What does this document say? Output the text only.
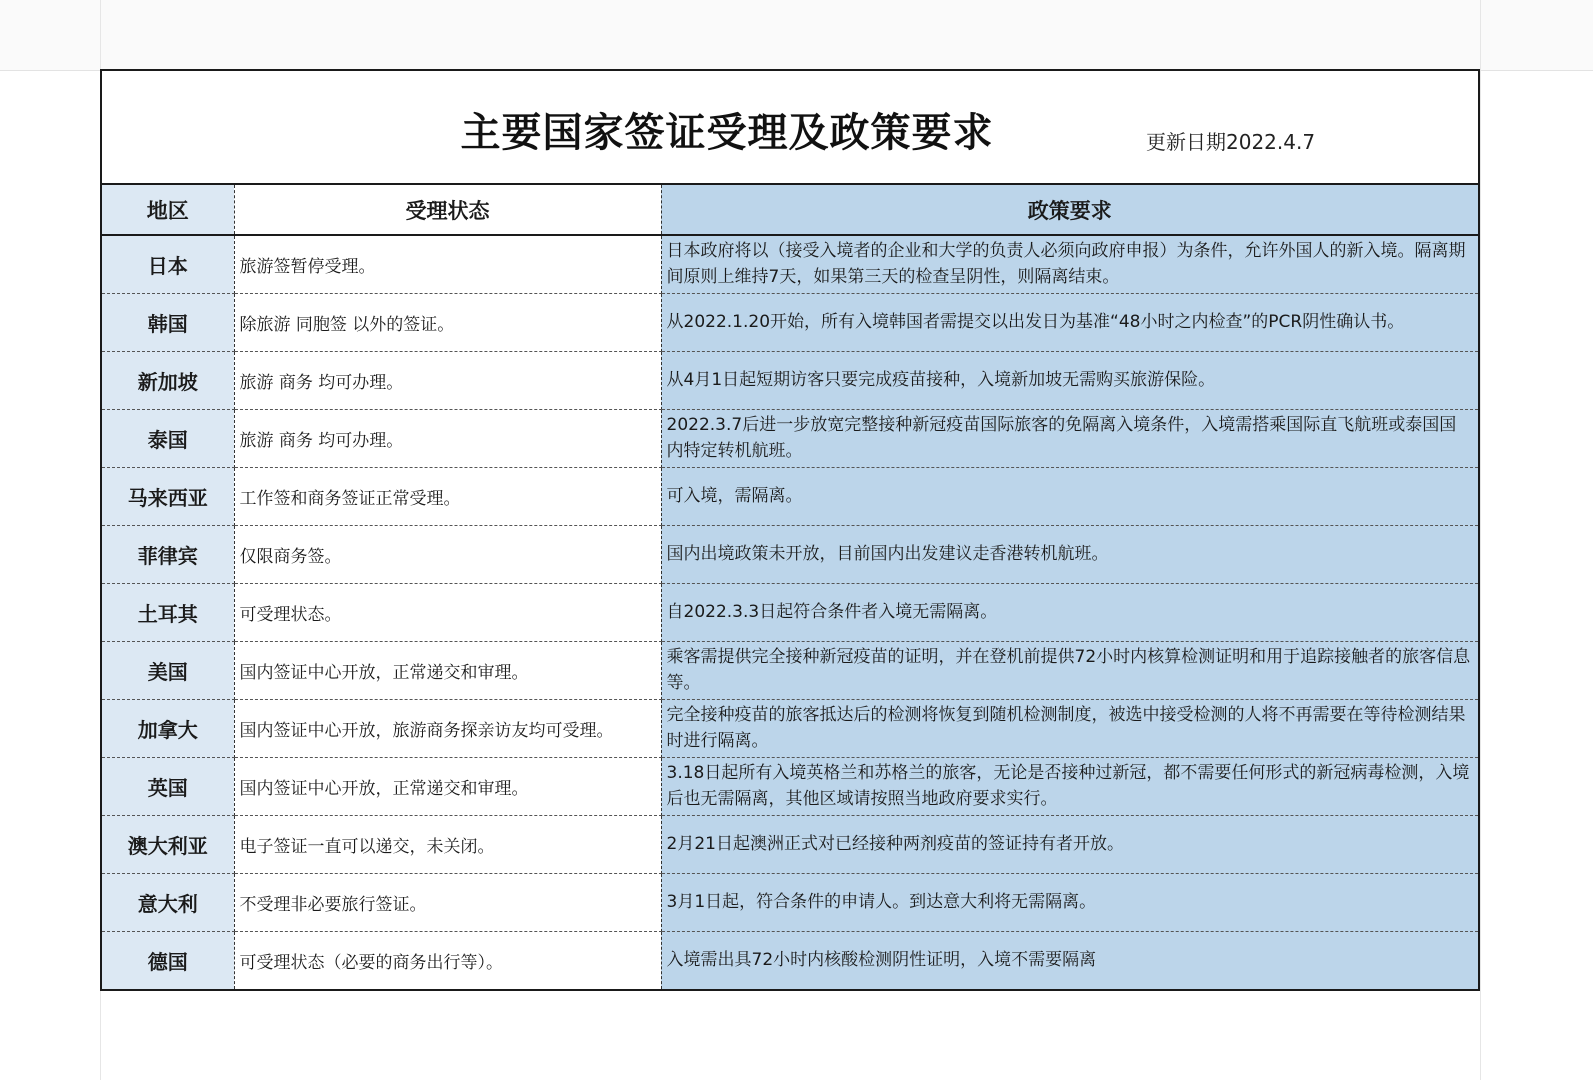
主要国家签证受理及政策要求	更新日期2022.4.7
地区	受理状态	政策要求
日本	旅游签暂停受理。	日本政府将以（接受入境者的企业和大学的负责人必须向政府申报）为条件，允许外国人的新入境。隔离期间原则上维持7天，如果第三天的检查呈阴性，则隔离结束。
韩国	除旅游 同胞签 以外的签证。	从2022.1.20开始，所有入境韩国者需提交以出发日为基准“48小时之内检查”的PCR阴性确认书。
新加坡	旅游 商务 均可办理。	从4月1日起短期访客只要完成疫苗接种，入境新加坡无需购买旅游保险。
泰国	旅游 商务 均可办理。	2022.3.7后进一步放宽完整接种新冠疫苗国际旅客的免隔离入境条件，入境需搭乘国际直飞航班或泰国国内特定转机航班。
马来西亚	工作签和商务签证正常受理。	可入境，需隔离。
菲律宾	仅限商务签。	国内出境政策未开放，目前国内出发建议走香港转机航班。
土耳其	可受理状态。	自2022.3.3日起符合条件者入境无需隔离。
美国	国内签证中心开放，正常递交和审理。	乘客需提供完全接种新冠疫苗的证明，并在登机前提供72小时内核算检测证明和用于追踪接触者的旅客信息等。
加拿大	国内签证中心开放，旅游商务探亲访友均可受理。	完全接种疫苗的旅客抵达后的检测将恢复到随机检测制度，被选中接受检测的人将不再需要在等待检测结果时进行隔离。
英国	国内签证中心开放，正常递交和审理。	3.18日起所有入境英格兰和苏格兰的旅客，无论是否接种过新冠，都不需要任何形式的新冠病毒检测，入境后也无需隔离，其他区域请按照当地政府要求实行。
澳大利亚	电子签证一直可以递交，未关闭。	2月21日起澳洲正式对已经接种两剂疫苗的签证持有者开放。
意大利	不受理非必要旅行签证。	3月1日起，符合条件的申请人。到达意大利将无需隔离。
德国	可受理状态（必要的商务出行等）。	入境需出具72小时内核酸检测阴性证明，入境不需要隔离
